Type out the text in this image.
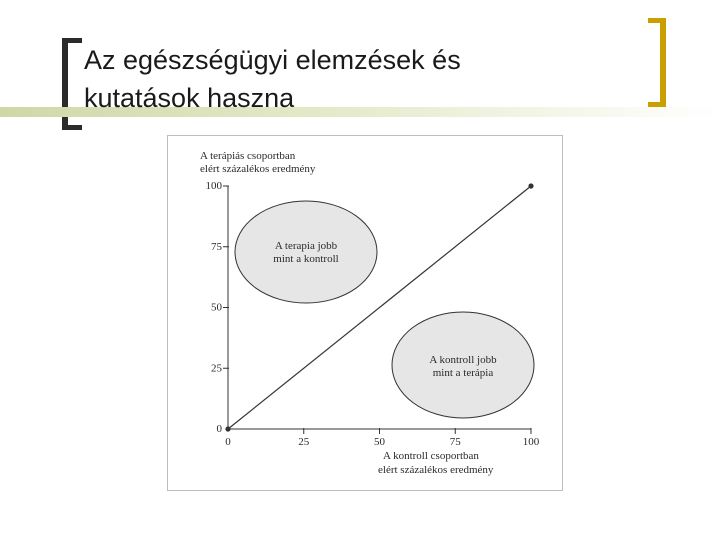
Az egészségügyi elemzések és
kutatások haszna
A terápiás csoportban
elért százalékos eredmény
A terapia jobb
mint a kontroll
A kontroll jobb
mint a terápia
0
25
50
75
100
0	25	50	75	100
A kontroll csoportban
elért százalékos eredmény
